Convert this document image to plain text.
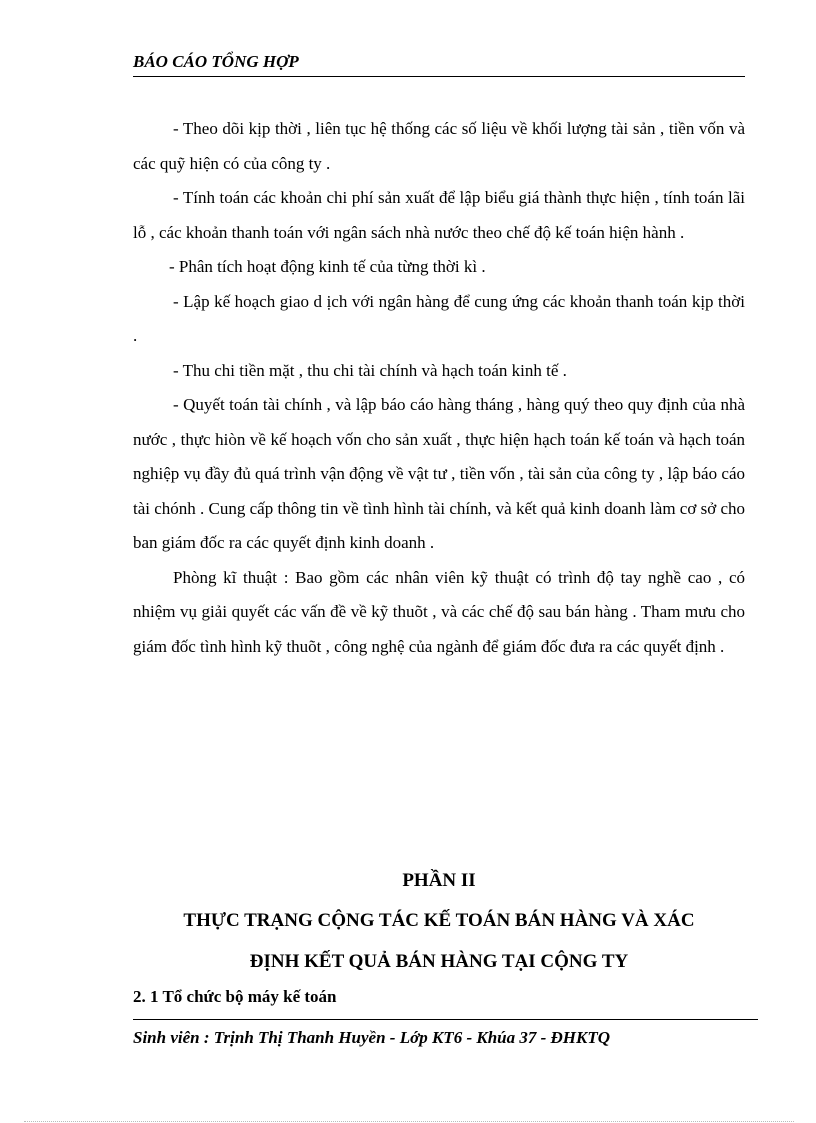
BÁO CÁO TỔNG HỢP

- Theo dõi kịp thời , liên tục hệ thống các số liệu về khối lượng tài sản , tiền vốn và các quỹ hiện có của công ty .

- Tính toán các khoản chi phí sản xuất để lập biểu giá thành thực hiện , tính toán lãi lỗ , các khoản thanh toán với ngân sách nhà nước theo chế độ kế toán hiện hành .

- Phân tích hoạt động kinh tế của từng thời kì .

- Lập kế hoạch giao d ịch với ngân hàng để cung ứng các khoản thanh toán kịp thời .

- Thu chi tiền mặt , thu chi tài chính và hạch toán kinh tế .

- Quyết toán tài chính , và lập báo cáo hàng tháng , hàng quý theo quy định của nhà nước , thực hiòn về kế hoạch vốn cho sản xuất , thực hiện hạch toán kế toán và hạch toán nghiệp vụ đầy đủ quá trình vận động về vật tư , tiền vốn , tài sản của công ty , lập báo cáo tài chónh . Cung cấp thông tin về tình hình tài chính, và kết quả kinh doanh làm cơ sở cho ban giám đốc ra các quyết định kinh doanh .

Phòng kĩ thuật : Bao gồm các nhân viên kỹ thuật có trình độ tay nghề cao , có nhiệm vụ giải quyết các vấn đề về kỹ thuõt , và các chế độ sau bán hàng . Tham mưu cho giám đốc tình hình kỹ thuõt , công nghệ của ngành để giám đốc đưa ra các quyết định .

PHẦN II
THỰC TRẠNG CỘNG TÁC KẾ TOÁN BÁN HÀNG VÀ XÁC
ĐỊNH KẾT QUẢ BÁN HÀNG TẠI CỘNG TY
2. 1 Tổ chức bộ máy kế toán
Sinh viên : Trịnh Thị Thanh Huyền - Lớp KT6 - Khúa 37 - ĐHKTQ
